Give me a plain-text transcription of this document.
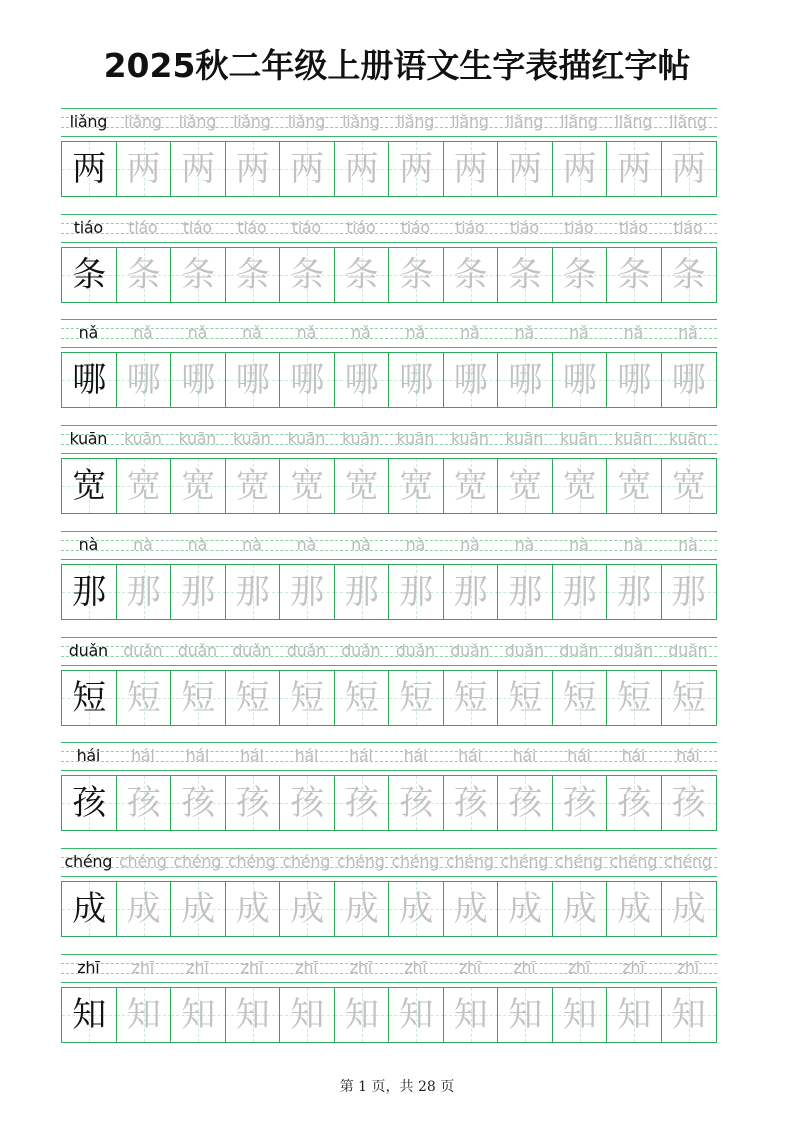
2025秋二年级上册语文生字表描红字帖
liǎng	liǎng	liǎng	liǎng	liǎng	liǎng	liǎng	liǎng	liǎng	liǎng	liǎng	liǎng
两 两 两 两 两 两 两 两 两 两 两 两
tiáo	tiáo	tiáo	tiáo	tiáo	tiáo	tiáo	tiáo	tiáo	tiáo	tiáo	tiáo
条 条 条 条 条 条 条 条 条 条 条 条
nǎ	nǎ	nǎ	nǎ	nǎ	nǎ	nǎ	nǎ	nǎ	nǎ	nǎ	nǎ
哪 哪 哪 哪 哪 哪 哪 哪 哪 哪 哪 哪
kuān	kuān	kuān	kuān	kuān	kuān	kuān	kuān	kuān	kuān	kuān	kuān
宽 宽 宽 宽 宽 宽 宽 宽 宽 宽 宽 宽
nà	nà	nà	nà	nà	nà	nà	nà	nà	nà	nà	nà
那 那 那 那 那 那 那 那 那 那 那 那
duǎn duǎn duǎn duǎn duǎn duǎn duǎn duǎn duǎn duǎn duǎn duǎn
短 短 短 短 短 短 短 短 短 短 短 短
hái	hái	hái	hái	hái	hái	hái	hái	hái	hái	hái	hái
孩 孩 孩 孩 孩 孩 孩 孩 孩 孩 孩 孩
chéng chéng chéng chéng chéng chéng chéng chéng chéng chéng chéng chéng
成 成 成 成 成 成 成 成 成 成 成 成
zhī	zhī	zhī	zhī	zhī	zhī	zhī	zhī	zhī	zhī	zhī	zhī
知 知 知 知 知 知 知 知 知 知 知 知
第 1 页，共 28 页
